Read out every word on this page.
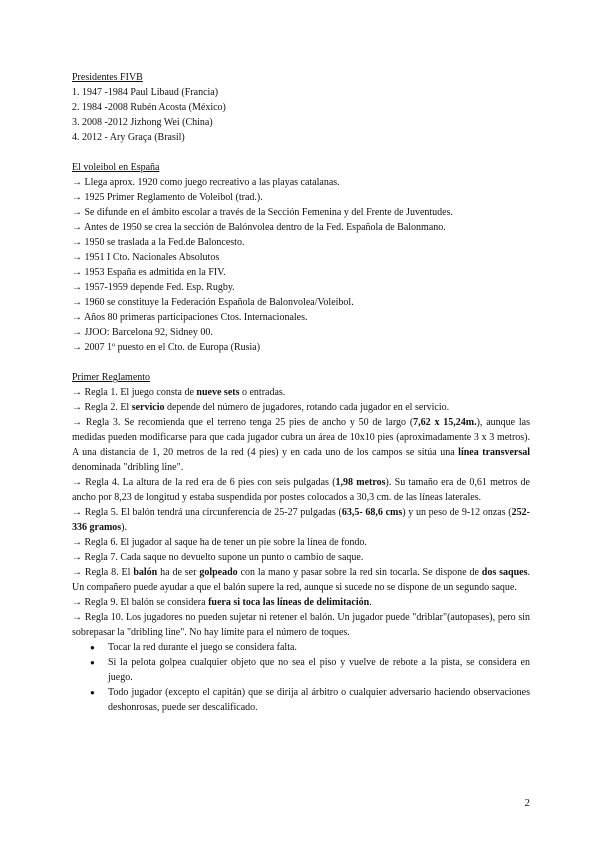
Presidentes FIVB

1. 1947 -1984 Paul Libaud (Francia)

2. 1984 -2008 Rubén Acosta (México)

3. 2008 -2012 Jizhong Wei (China)

4. 2012 - Ary Graça (Brasil)

El voleibol en España

→ Llega aprox. 1920 como juego recreativo a las playas catalanas.

→ 1925 Primer Reglamento de Voleibol (trad.).

→ Se difunde en el ámbito escolar a través de la Sección Femenina y del Frente de Juventudes.

→ Antes de 1950 se crea la sección de Balónvolea dentro de la Fed. Española de Balonmano.

→ 1950 se traslada a la Fed.de Baloncesto.

→ 1951 I Cto. Nacionales Absolutos

→ 1953 España es admitida en la FIV.

→ 1957-1959 depende Fed. Esp. Rugby.

→ 1960 se constituye la Federación Española de Balonvolea/Voleibol.

→ Años 80 primeras participaciones Ctos. Internacionales.

→ JJOO: Barcelona 92, Sidney 00.

→ 2007 1º puesto en el Cto. de Europa (Rusia)

Primer Reglamento

→ Regla 1. El juego consta de nueve sets o entradas.

→ Regla 2. El servicio depende del número de jugadores, rotando cada jugador en el servicio.

→ Regla 3. Se recomienda que el terreno tenga 25 pies de ancho y 50 de largo (7,62 x 15,24m.), aunque las medidas pueden modificarse para que cada jugador cubra un área de 10x10 pies (aproximadamente 3 x 3 metros). A una distancia de 1, 20 metros de la red (4 pies) y en cada uno de los campos se sitúa una línea transversal denominada "dribling line".

→ Regla 4. La altura de la red era de 6 pies con seis pulgadas (1,98 metros). Su tamaño era de 0,61 metros de ancho por 8,23 de longitud y estaba suspendida por postes colocados a 30,3 cm. de las líneas laterales.

→ Regla 5. El balón tendrá una circunferencia de 25-27 pulgadas (63,5- 68,6 cms) y un peso de 9-12 onzas (252-336 gramos).

→ Regla 6. El jugador al saque ha de tener un pie sobre la línea de fondo.

→ Regla 7. Cada saque no devuelto supone un punto o cambio de saque.

→ Regla 8. El balón ha de ser golpeado con la mano y pasar sobre la red sin tocarla. Se dispone de dos saques. Un compañero puede ayudar a que el balón supere la red, aunque si sucede no se dispone de un segundo saque.

→ Regla 9. El balón se considera fuera si toca las líneas de delimitación.

→ Regla 10. Los jugadores no pueden sujetar ni retener el balón. Un jugador puede "driblar"(autopases), pero sin sobrepasar la "dribling line". No hay límite para el número de toques.

● Tocar la red durante el juego se considera falta.
● Si la pelota golpea cualquier objeto que no sea el piso y vuelve de rebote a la pista, se considera en juego.
● Todo jugador (excepto el capitán) que se dirija al árbitro o cualquier adversario haciendo observaciones deshonrosas, puede ser descalificado.
2
